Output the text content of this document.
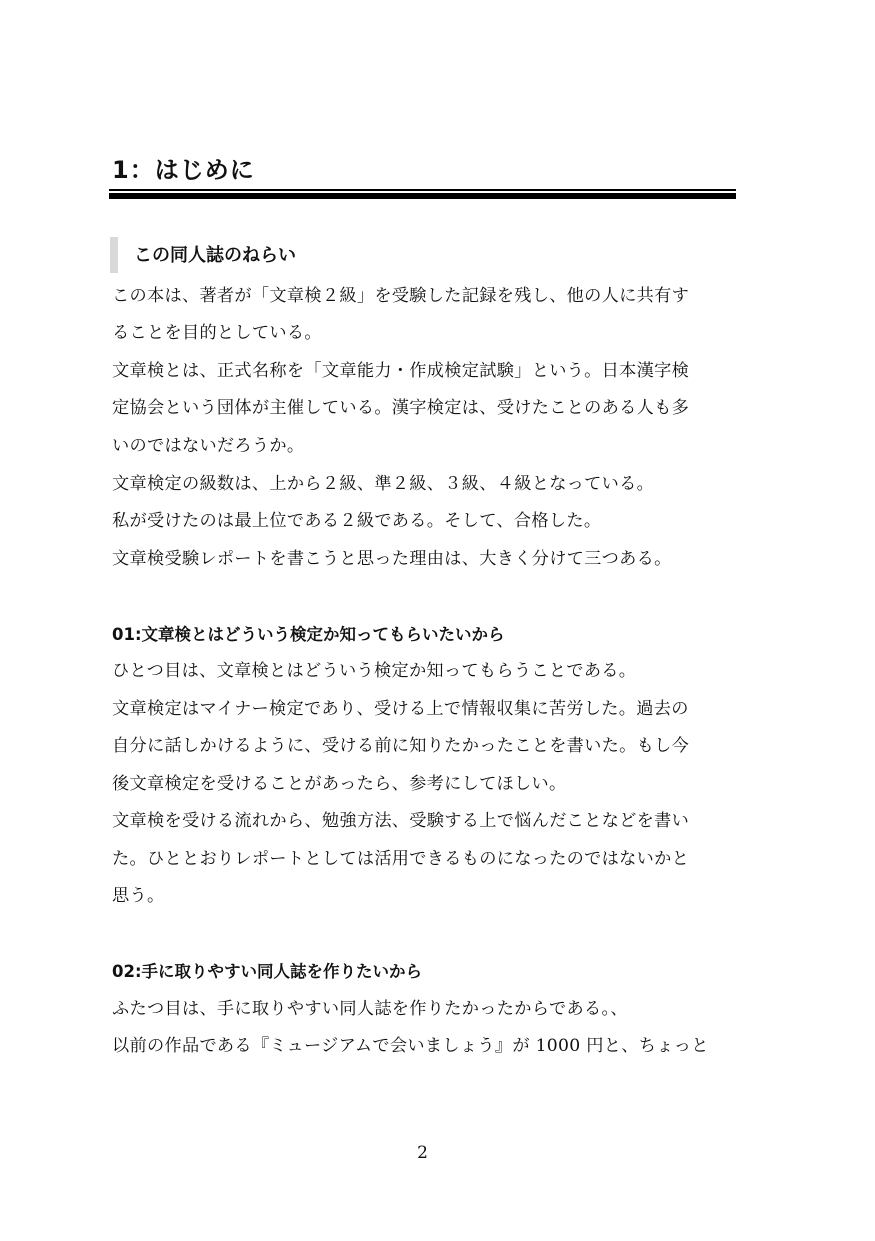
1：はじめに
この同人誌のねらい

この本は、著者が「文章検２級」を受験した記録を残し、他の人に共有す

ることを目的としている。

文章検とは、正式名称を「文章能力・作成検定試験」という。日本漢字検

定協会という団体が主催している。漢字検定は、受けたことのある人も多

いのではないだろうか。

文章検定の級数は、上から２級、準２級、３級、４級となっている。

私が受けたのは最上位である２級である。そして、合格した。

文章検受験レポートを書こうと思った理由は、大きく分けて三つある。

01:文章検とはどういう検定か知ってもらいたいから

ひとつ目は、文章検とはどういう検定か知ってもらうことである。

文章検定はマイナー検定であり、受ける上で情報収集に苦労した。過去の

自分に話しかけるように、受ける前に知りたかったことを書いた。もし今

後文章検定を受けることがあったら、参考にしてほしい。

文章検を受ける流れから、勉強方法、受験する上で悩んだことなどを書い

た。ひととおりレポートとしては活用できるものになったのではないかと

思う。

02:手に取りやすい同人誌を作りたいから

ふたつ目は、手に取りやすい同人誌を作りたかったからである。、

以前の作品である『ミュージアムで会いましょう』が 1000 円と、ちょっと

2
